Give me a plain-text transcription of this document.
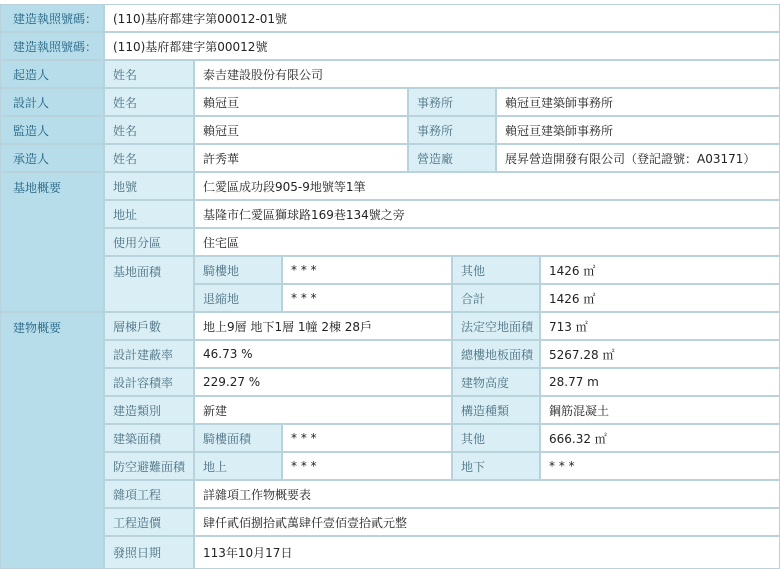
建造執照號碼：	(110)基府都建字第00012-01號
建造執照號碼：	(110)基府都建字第00012號
起造人	姓名	泰吉建設股份有限公司
設計人	姓名	賴冠亘	事務所	賴冠亘建築師事務所
監造人	姓名	賴冠亘	事務所	賴冠亘建築師事務所
承造人	姓名	許秀華	營造廠	展昇營造開發有限公司（登記證號：A03171）
基地概要	地號	仁愛區成功段905-9地號等1筆
地址	基隆市仁愛區獅球路169巷134號之旁
使用分區	住宅區
基地面積	騎樓地	* * *	其他	1426 ㎡
退縮地	* * *	合計	1426 ㎡
建物概要	層棟戶數	地上9層 地下1層 1幢 2棟 28戶	法定空地面積	713 ㎡
設計建蔽率	46.73 %	總樓地板面積	5267.28 ㎡
設計容積率	229.27 %	建物高度	28.77 m
建造類別	新建	構造種類	鋼筋混凝土
建築面積	騎樓面積	* * *	其他	666.32 ㎡
防空避難面積	地上	* * *	地下	* * *
雜項工程	詳雜項工作物概要表
工程造價	肆仟貳佰捌拾貳萬肆仟壹佰壹拾貳元整
發照日期	113年10月17日
